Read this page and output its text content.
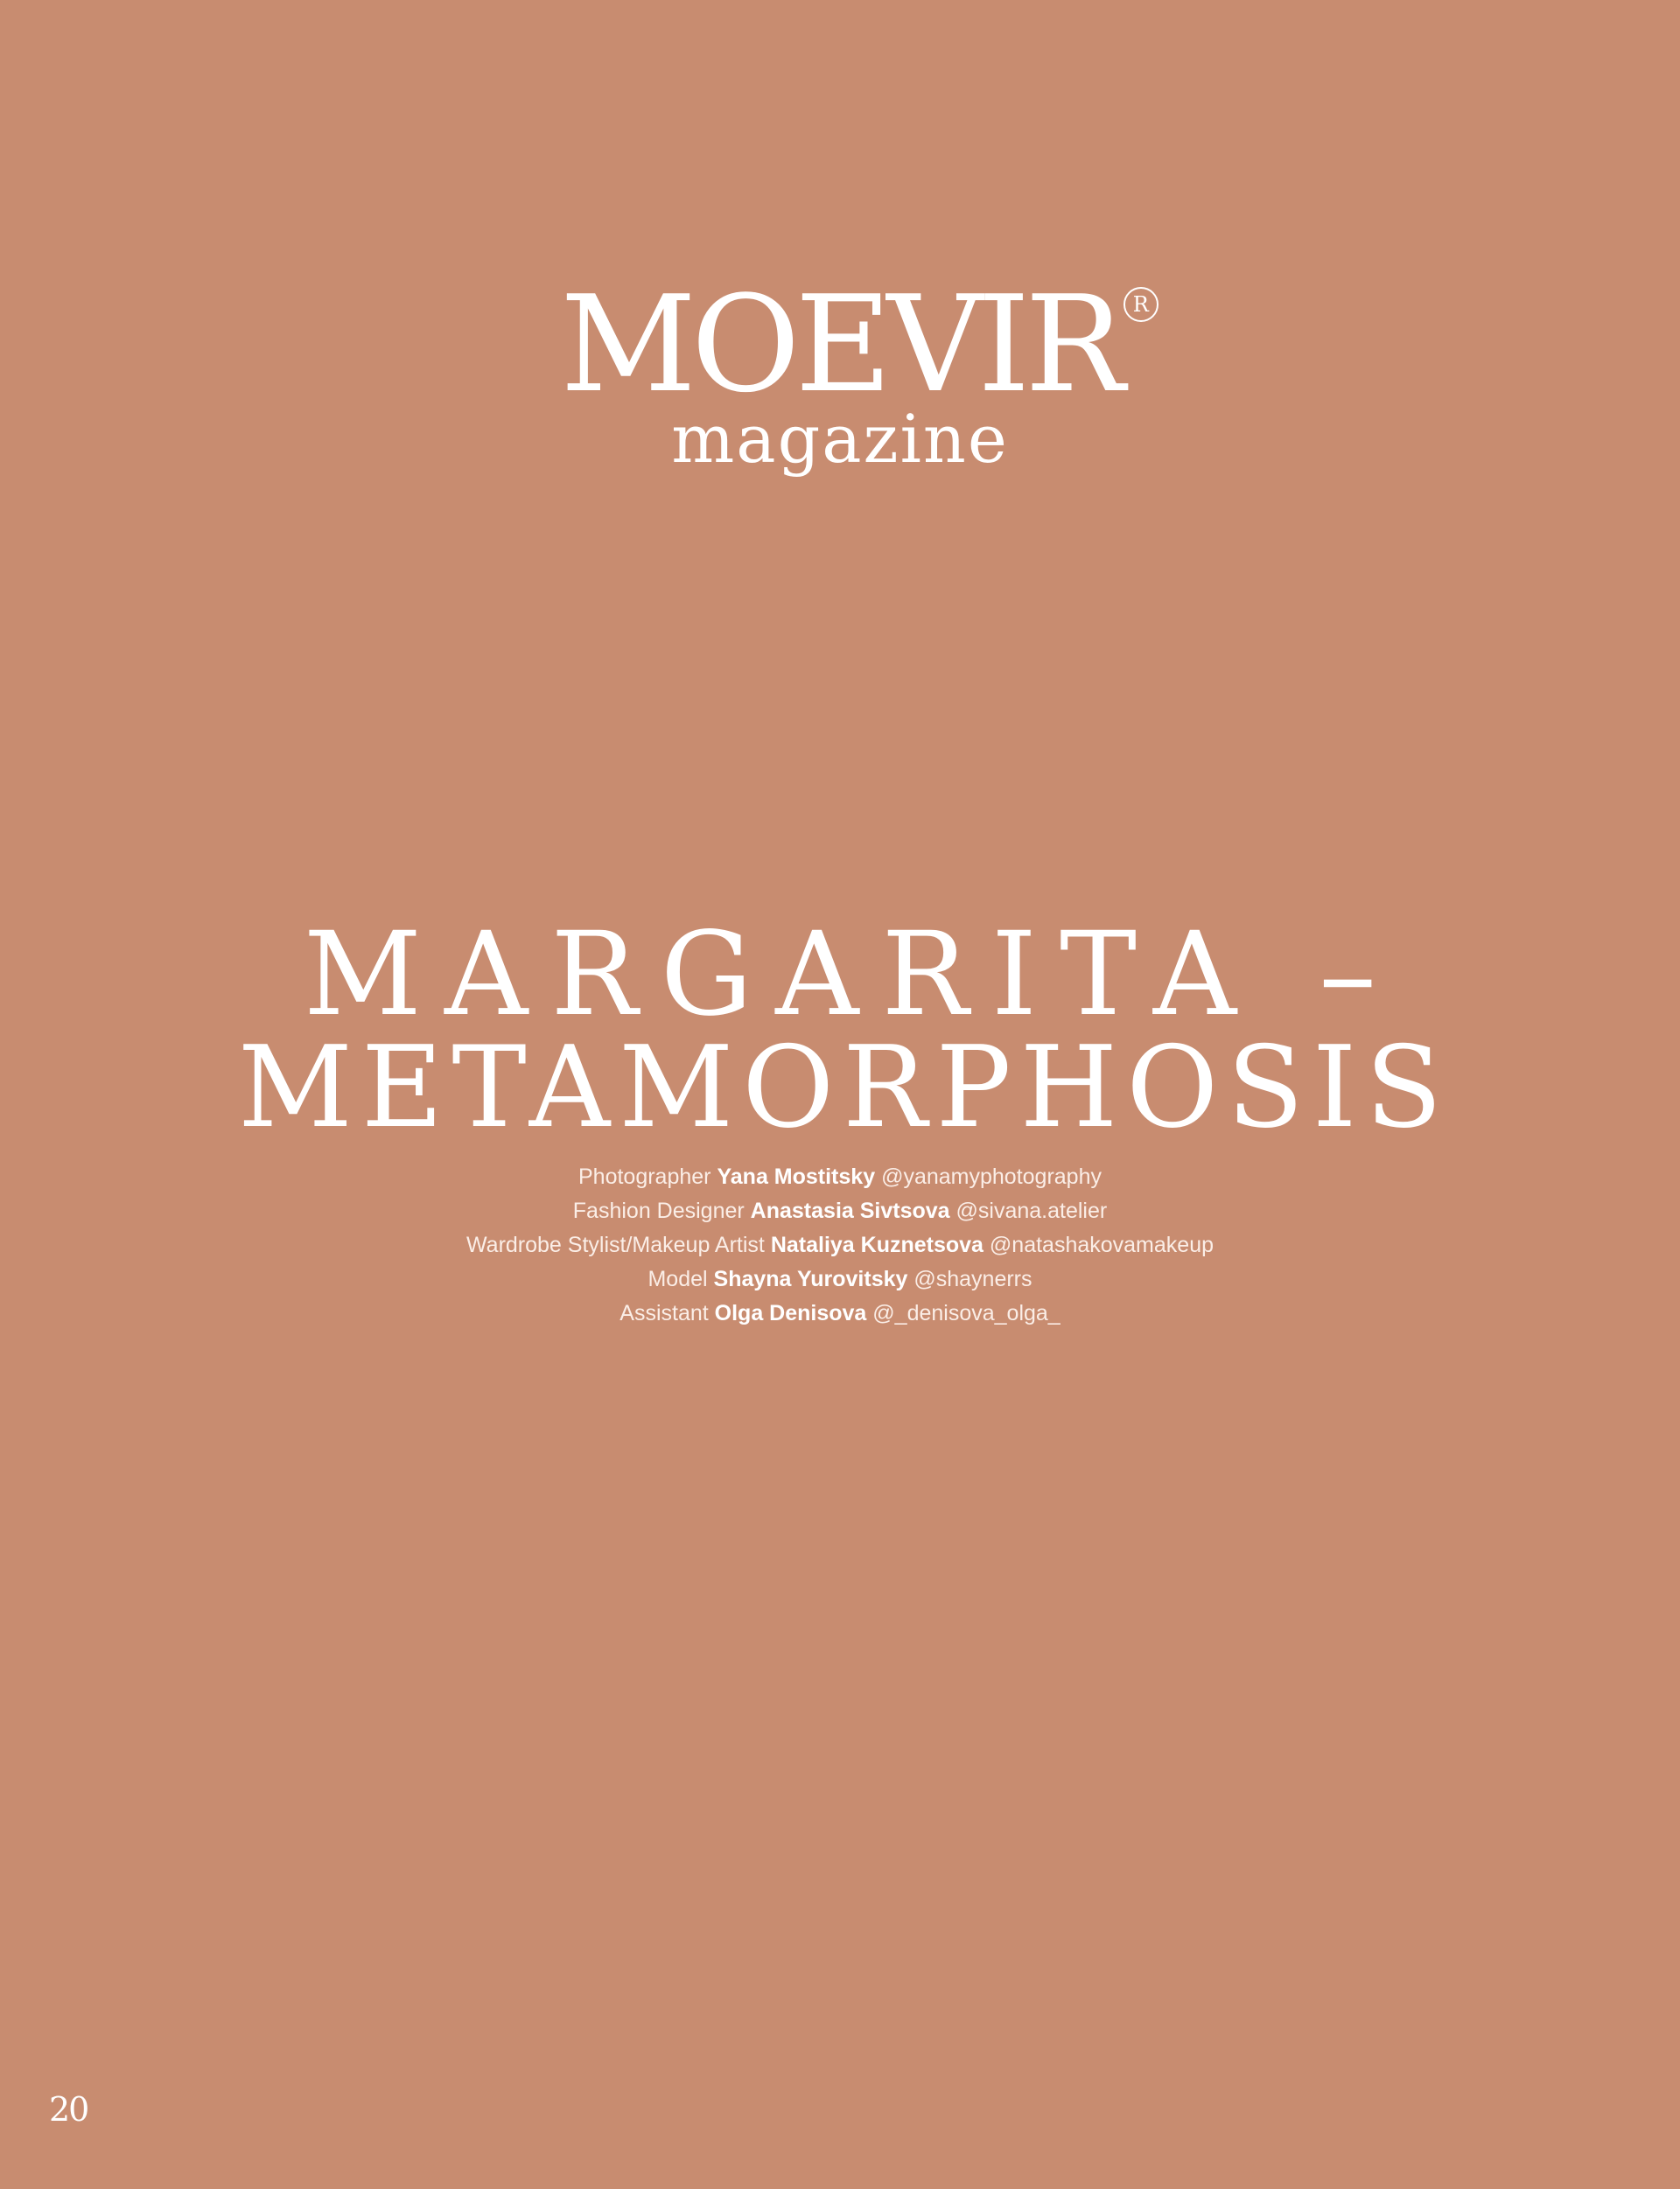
MOEVIR R
magazine
MARGARITA –
METAMORPHOSIS
Photographer Yana Mostitsky @yanamyphotography
Fashion Designer Anastasia Sivtsova @sivana.atelier
Wardrobe Stylist/Makeup Artist Nataliya Kuznetsova @natashakovamakeup
Model Shayna Yurovitsky @shaynerrs
Assistant Olga Denisova @_denisova_olga_
20
